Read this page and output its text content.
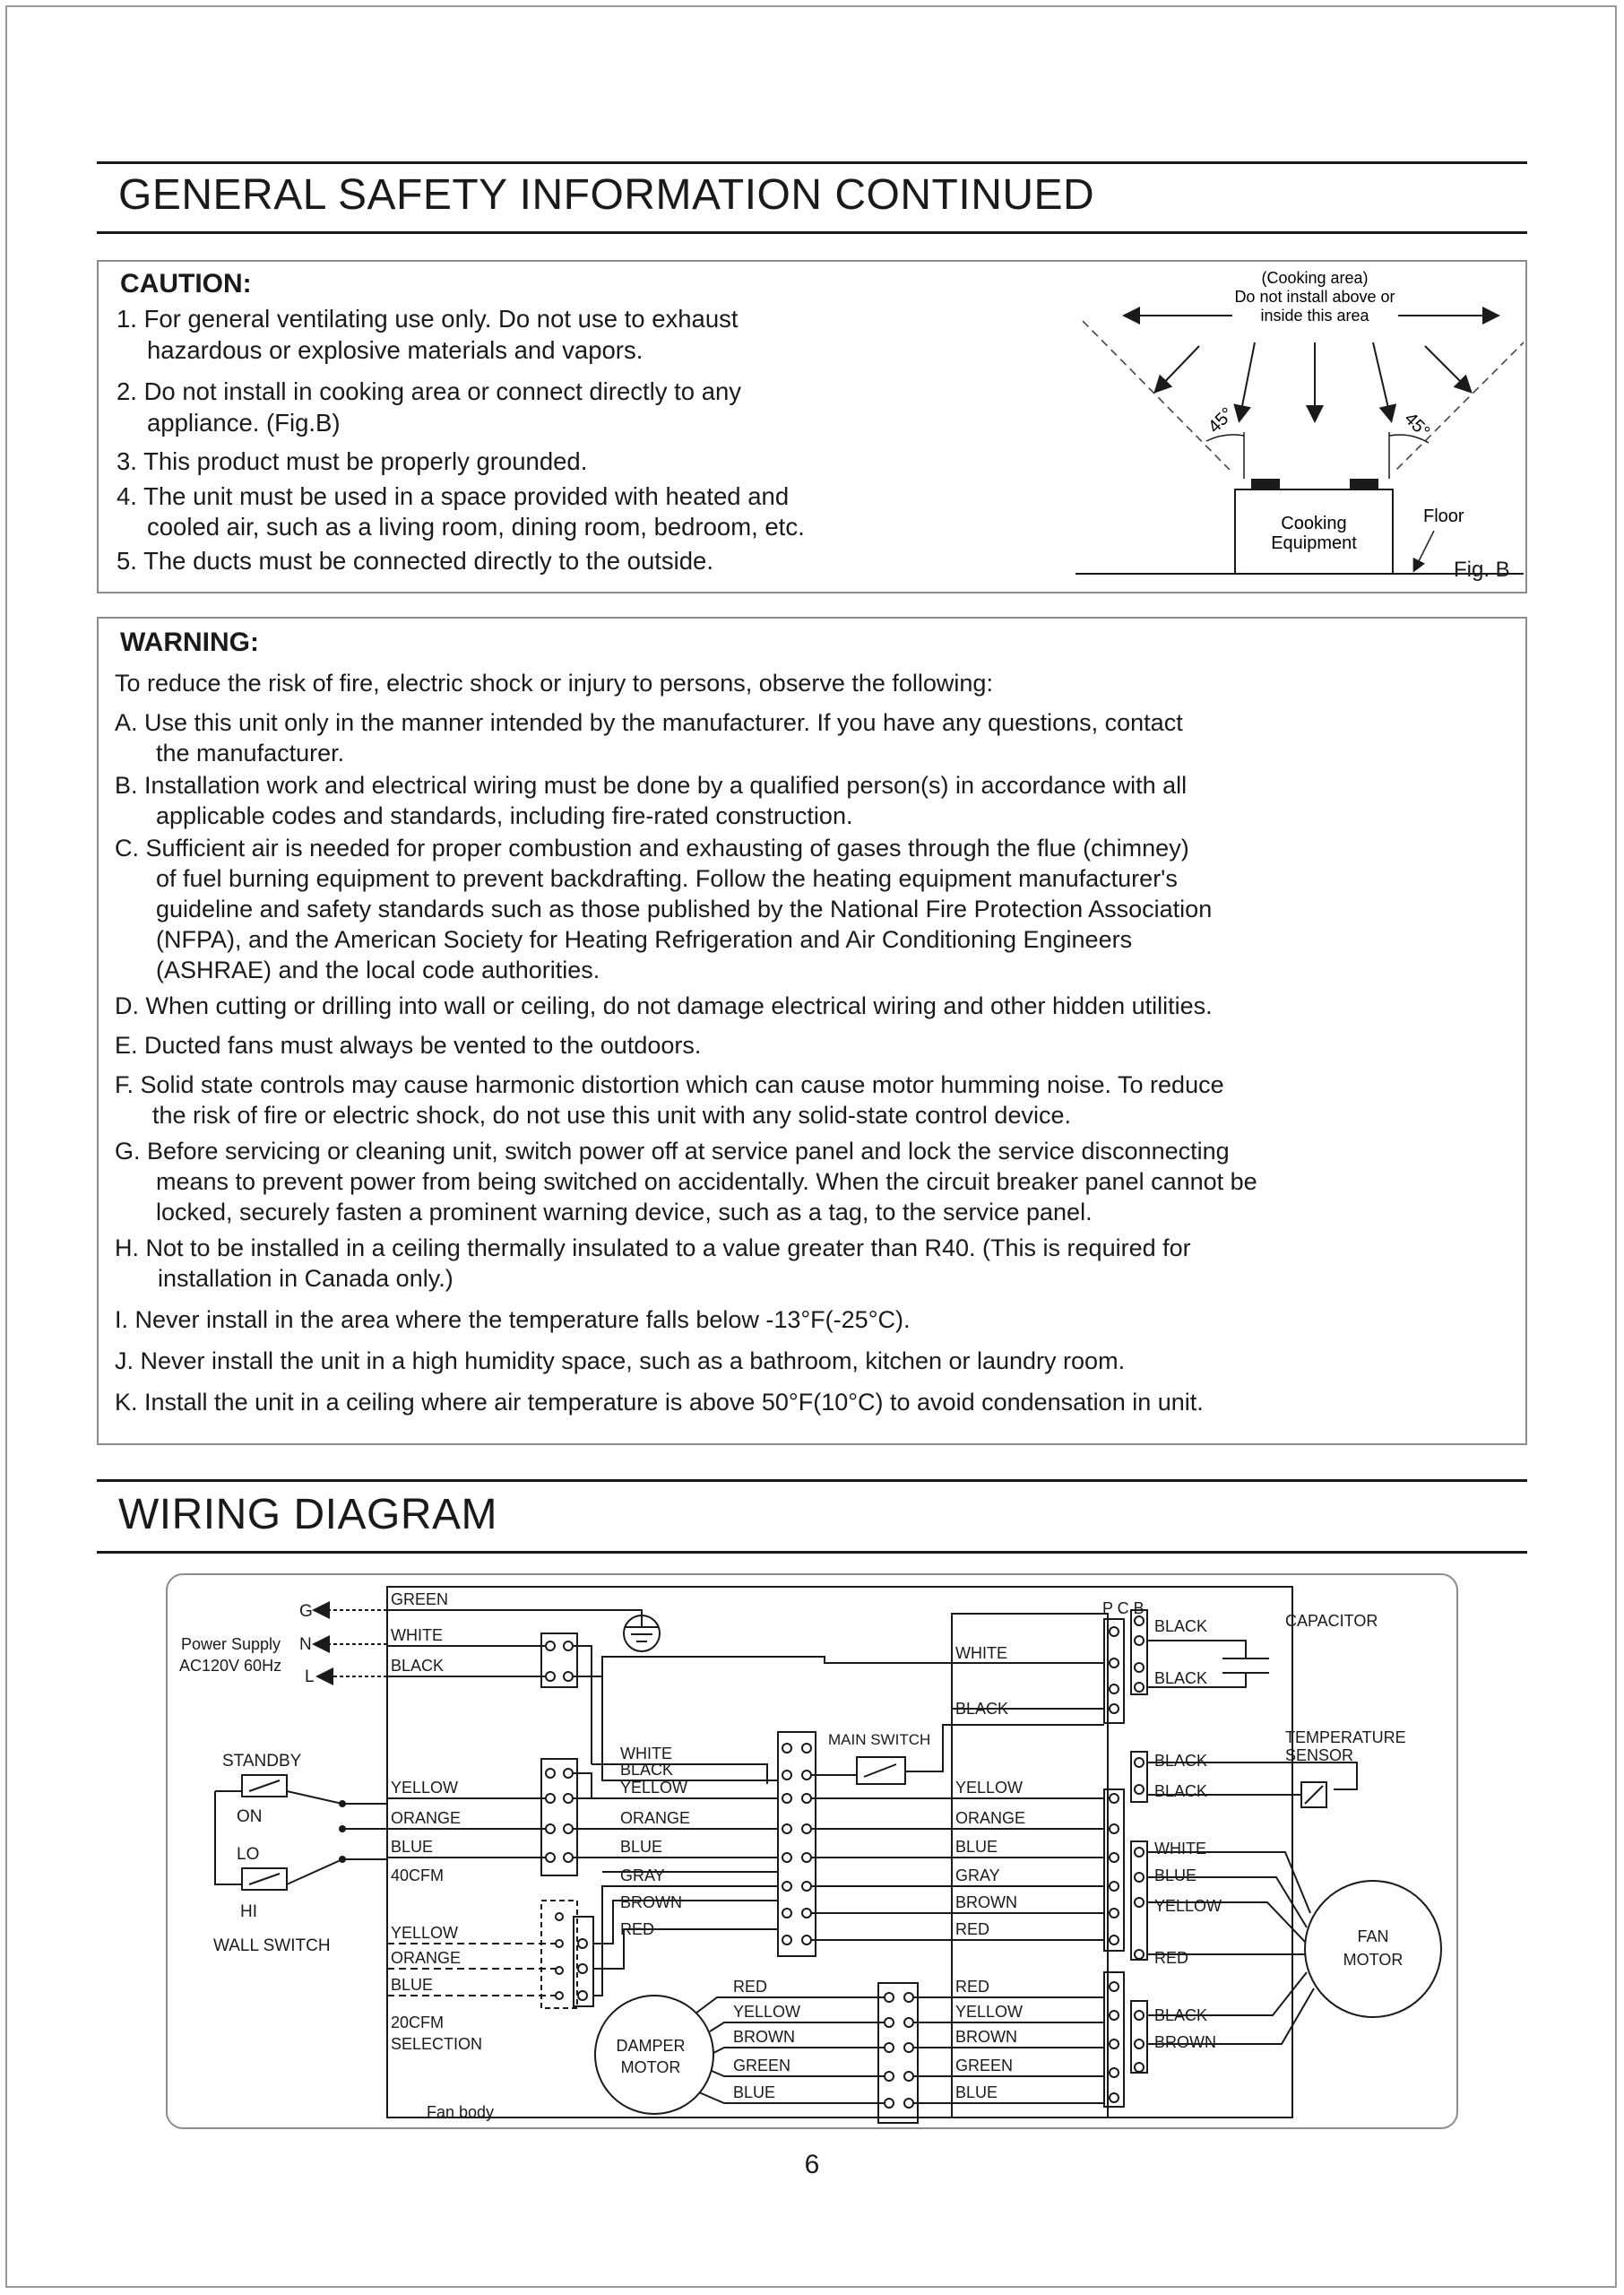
GENERAL SAFETY INFORMATION CONTINUED
CAUTION:
1. For general ventilating use only. Do not use to exhaust
hazardous or explosive materials and vapors.
2. Do not install in cooking area or connect directly to any
appliance. (Fig.B)
3. This product must be properly grounded.
4. The unit must be used in a space provided with heated and
cooled air, such as a living room, dining room, bedroom, etc.
5. The ducts must be connected directly to the outside.
(Cooking area)
Do not install above or
inside this area
45°	45°
Cooking
Equipment
Floor
Fig. B
WARNING:
To reduce the risk of fire, electric shock or injury to persons, observe the following:
A. Use this unit only in the manner intended by the manufacturer. If you have any questions, contact
the manufacturer.
B. Installation work and electrical wiring must be done by a qualified person(s) in accordance with all
applicable codes and standards, including fire-rated construction.
C. Sufficient air is needed for proper combustion and exhausting of gases through the flue (chimney)
of fuel burning equipment to prevent backdrafting. Follow the heating equipment manufacturer's
guideline and safety standards such as those published by the National Fire Protection Association
(NFPA), and the American Society for Heating Refrigeration and Air Conditioning Engineers
(ASHRAE) and the local code authorities.
D. When cutting or drilling into wall or ceiling, do not damage electrical wiring and other hidden utilities.
E. Ducted fans must always be vented to the outdoors.
F. Solid state controls may cause harmonic distortion which can cause motor humming noise. To reduce
the risk of fire or electric shock, do not use this unit with any solid-state control device.
G. Before servicing or cleaning unit, switch power off at service panel and lock the service disconnecting
means to prevent power from being switched on accidentally. When the circuit breaker panel cannot be
locked, securely fasten a prominent warning device, such as a tag, to the service panel.
H. Not to be installed in a ceiling thermally insulated to a value greater than R40. (This is required for
installation in Canada only.)
I. Never install in the area where the temperature falls below -13°F(-25°C).
J. Never install the unit in a high humidity space, such as a bathroom, kitchen or laundry room.
K. Install the unit in a ceiling where air temperature is above 50°F(10°C) to avoid condensation in unit.
WIRING DIAGRAM
G
N
L
Power Supply
AC120V 60Hz
STANDBY
ON
LO
HI
WALL SWITCH
MAIN SWITCH
GREEN
WHITE
BLACK
YELLOW
ORANGE
BLUE
40CFM
YELLOW
ORANGE
BLUE
20CFM
SELECTION
Fan body
WHITE
BLACK
YELLOW
ORANGE
BLUE
GRAY
BROWN
RED
WHITE
BLACK
YELLOW
ORANGE
BLUE
GRAY
BROWN
RED
RED
YELLOW
BROWN
GREEN
BLUE
RED
YELLOW
BROWN
GREEN
BLUE
P C B
BLACK
BLACK
BLACK
BLACK
WHITE
BLUE
YELLOW
RED
BLACK
BROWN
CAPACITOR
TEMPERATURE
SENSOR
FAN
MOTOR
DAMPER
MOTOR
6
